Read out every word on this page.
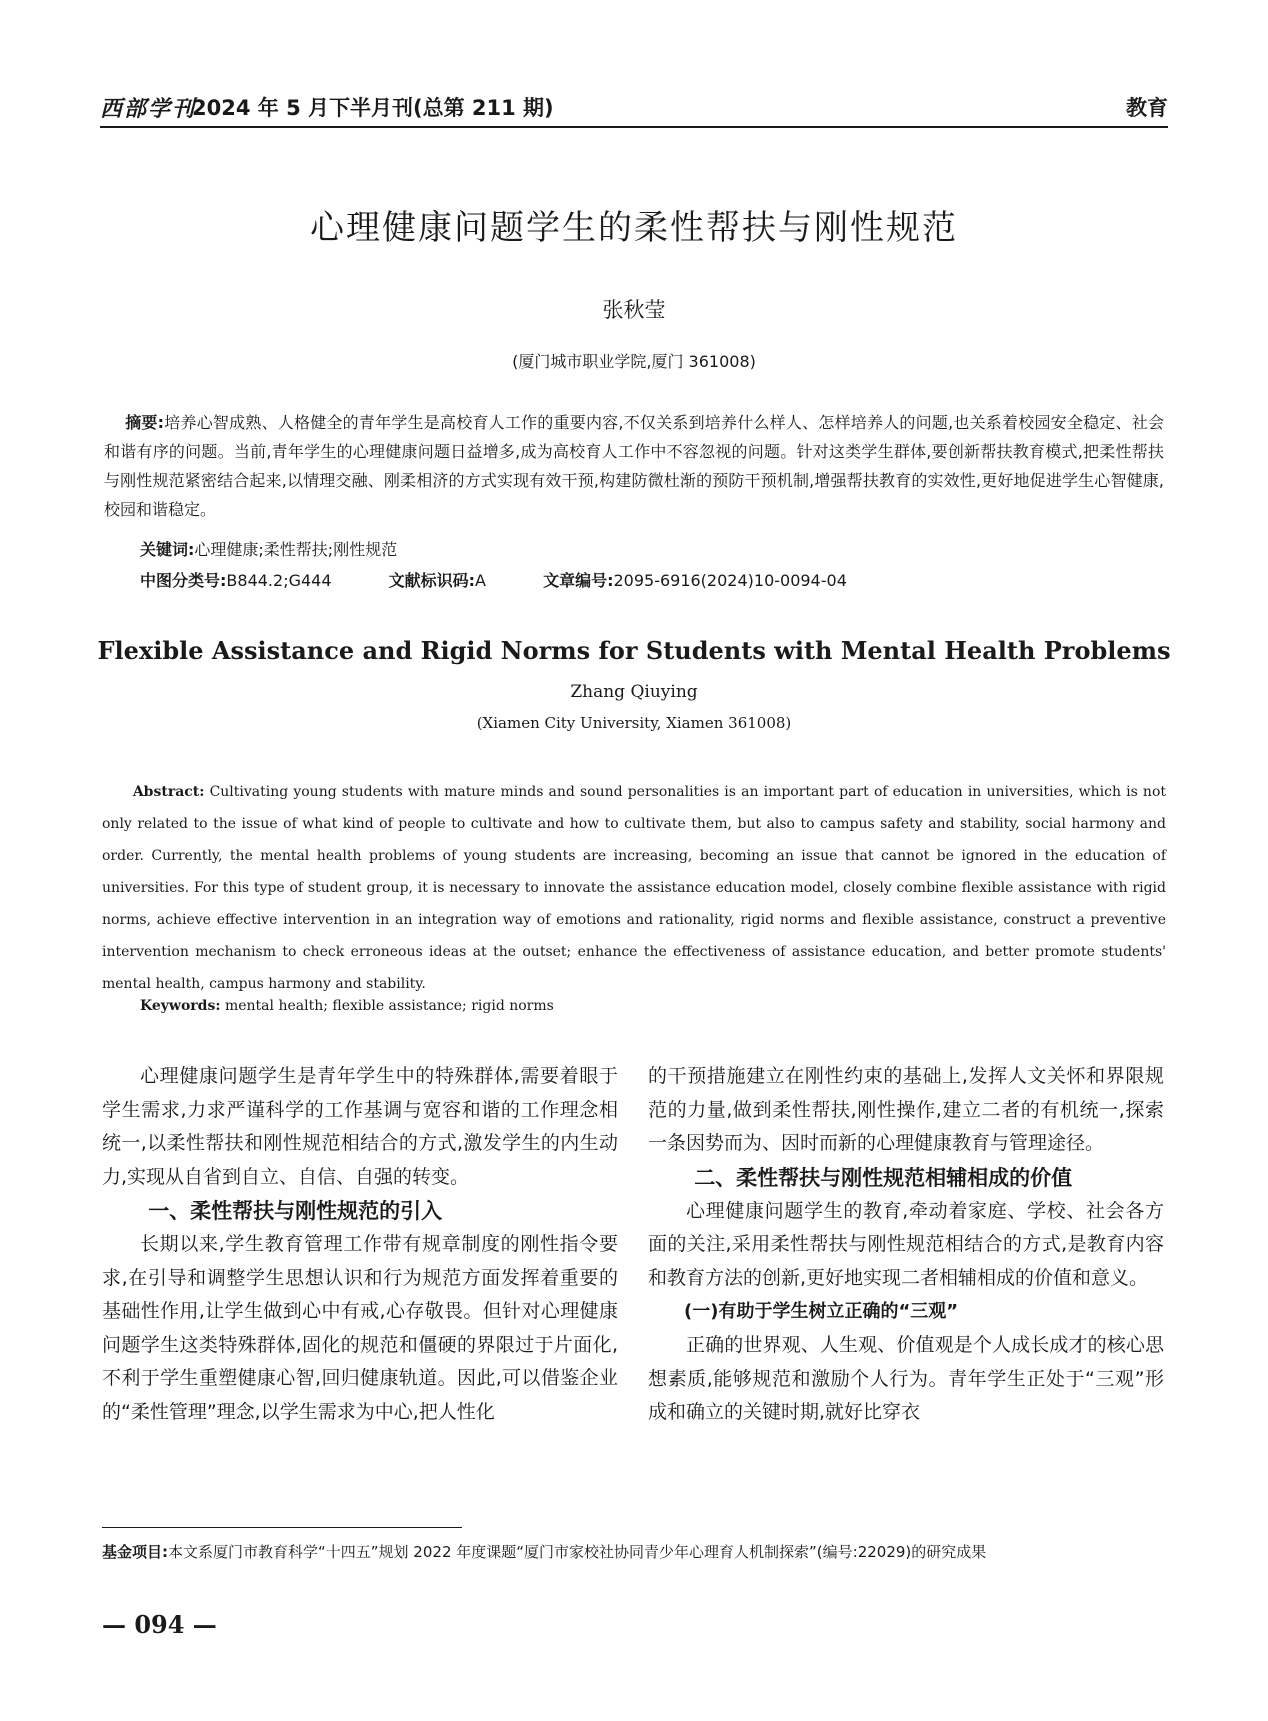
西部学刊
2024 年 5 月下半月刊(总第 211 期)	教育
心理健康问题学生的柔性帮扶与刚性规范
张秋莹
(厦门城市职业学院,厦门 361008)
摘要:培养心智成熟、人格健全的青年学生是高校育人工作的重要内容,不仅关系到培养什么样人、怎样培养人的问题,也关系着校园安全稳定、社会和谐有序的问题。当前,青年学生的心理健康问题日益增多,成为高校育人工作中不容忽视的问题。针对这类学生群体,要创新帮扶教育模式,把柔性帮扶与刚性规范紧密结合起来,以情理交融、刚柔相济的方式实现有效干预,构建防微杜渐的预防干预机制,增强帮扶教育的实效性,更好地促进学生心智健康,校园和谐稳定。
关键词:心理健康;柔性帮扶;刚性规范
中图分类号:B844.2;G444	文献标识码:A	文章编号:2095-6916(2024)10-0094-04
Flexible Assistance and Rigid Norms for Students with Mental Health Problems
Zhang Qiuying
(Xiamen City University, Xiamen 361008)
Abstract: Cultivating young students with mature minds and sound personalities is an important part of education in universities, which is not only related to the issue of what kind of people to cultivate and how to cultivate them, but also to campus safety and stability, social harmony and order. Currently, the mental health problems of young students are increasing, becoming an issue that cannot be ignored in the education of universities. For this type of student group, it is necessary to innovate the assistance education model, closely combine flexible assistance with rigid norms, achieve effective intervention in an integration way of emotions and rationality, rigid norms and flexible assistance, construct a preventive intervention mechanism to check erroneous ideas at the outset; enhance the effectiveness of assistance education, and better promote students' mental health, campus harmony and stability.
Keywords: mental health; flexible assistance; rigid norms

心理健康问题学生是青年学生中的特殊群体,需要着眼于学生需求,力求严谨科学的工作基调与宽容和谐的工作理念相统一,以柔性帮扶和刚性规范相结合的方式,激发学生的内生动力,实现从自省到自立、自信、自强的转变。

一、柔性帮扶与刚性规范的引入

长期以来,学生教育管理工作带有规章制度的刚性指令要求,在引导和调整学生思想认识和行为规范方面发挥着重要的基础性作用,让学生做到心中有戒,心存敬畏。但针对心理健康问题学生这类特殊群体,固化的规范和僵硬的界限过于片面化,不利于学生重塑健康心智,回归健康轨道。因此,可以借鉴企业的“柔性管理”理念,以学生需求为中心,把人性化

的干预措施建立在刚性约束的基础上,发挥人文关怀和界限规范的力量,做到柔性帮扶,刚性操作,建立二者的有机统一,探索一条因势而为、因时而新的心理健康教育与管理途径。

二、柔性帮扶与刚性规范相辅相成的价值

心理健康问题学生的教育,牵动着家庭、学校、社会各方面的关注,采用柔性帮扶与刚性规范相结合的方式,是教育内容和教育方法的创新,更好地实现二者相辅相成的价值和意义。

(一)有助于学生树立正确的“三观”

正确的世界观、人生观、价值观是个人成长成才的核心思想素质,能够规范和激励个人行为。青年学生正处于“三观”形成和确立的关键时期,就好比穿衣

基金项目:本文系厦门市教育科学“十四五”规划 2022 年度课题“厦门市家校社协同青少年心理育人机制探索”(编号:22029)的研究成果
— 094 —
